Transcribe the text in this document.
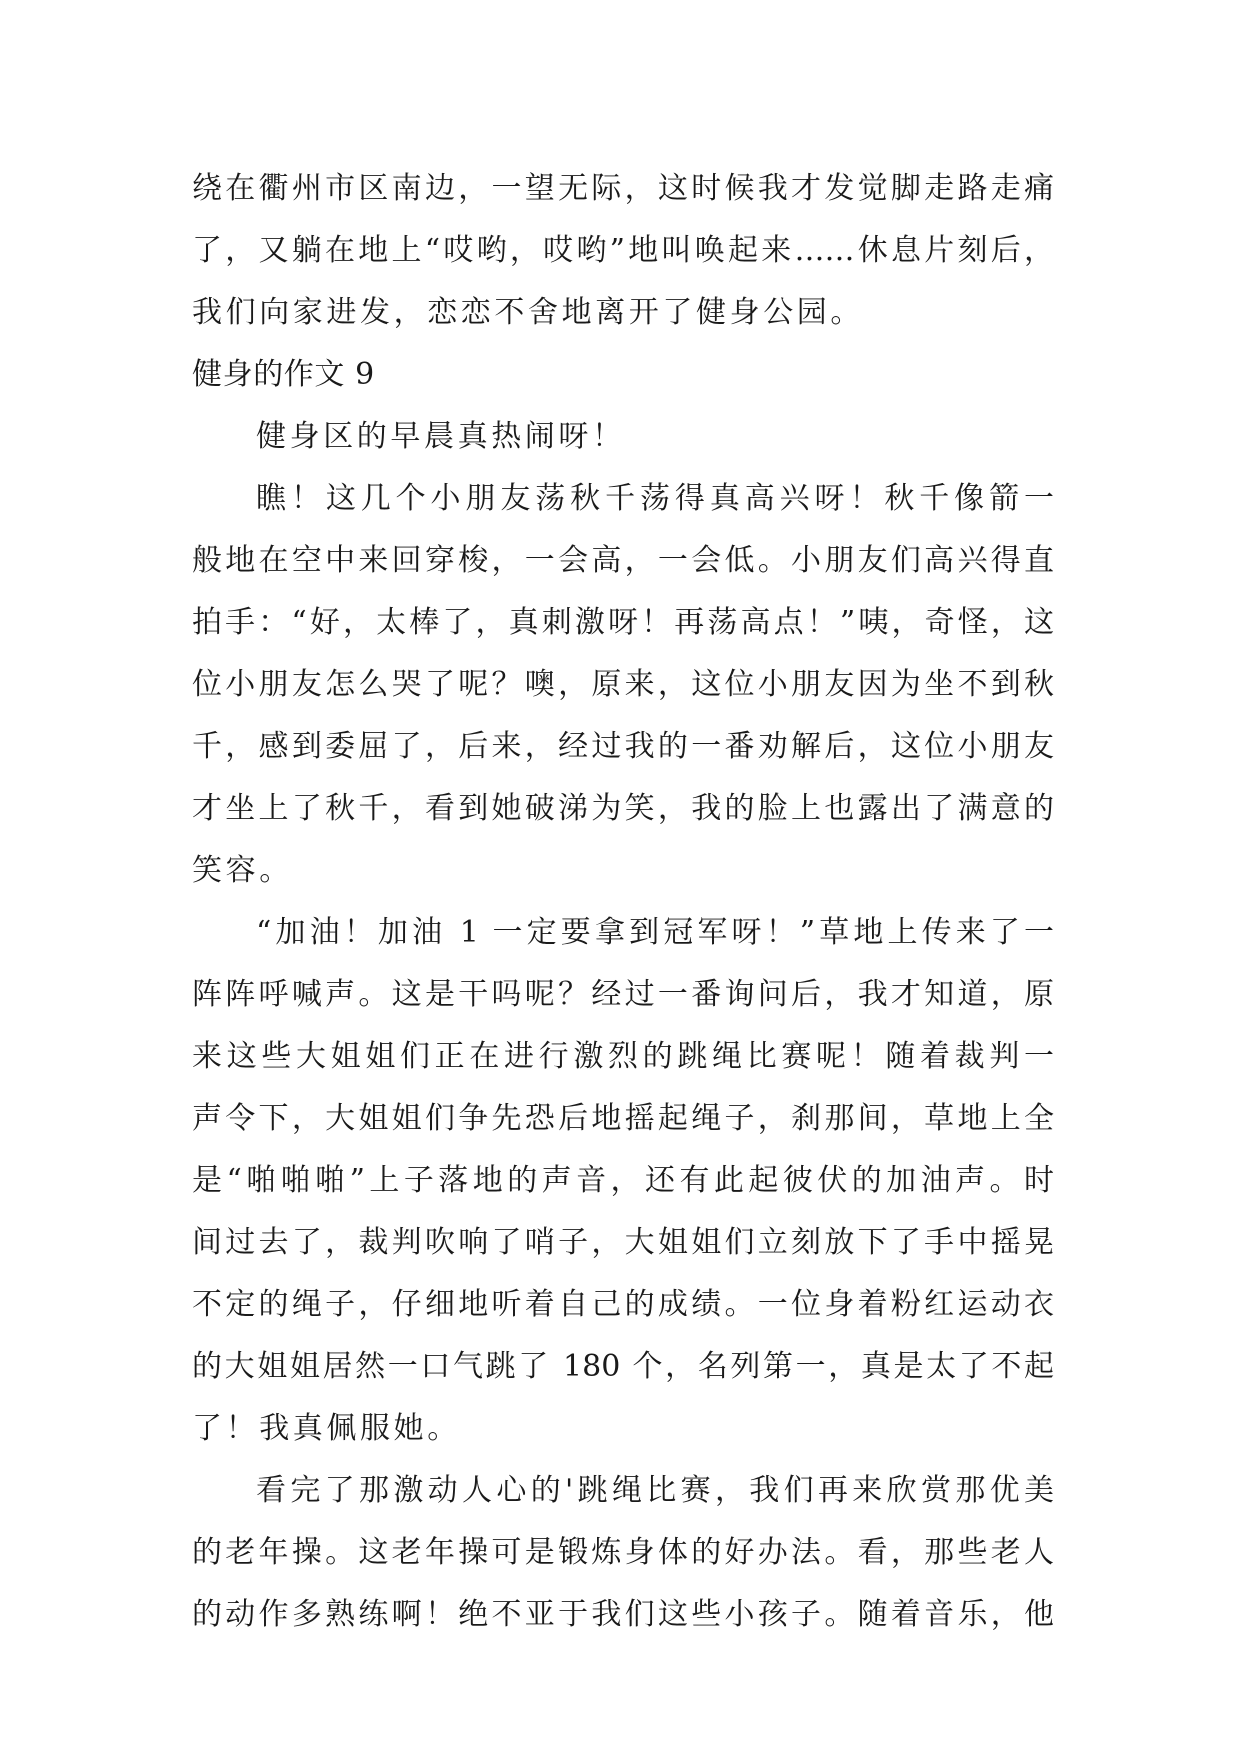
绕在衢州市区南边，一望无际，这时候我才发觉脚走路走痛
了，又躺在地上“哎哟，哎哟”地叫唤起来……休息片刻后，
我们向家进发，恋恋不舍地离开了健身公园。
健身的作文 9
健身区的早晨真热闹呀！
瞧！这几个小朋友荡秋千荡得真高兴呀！秋千像箭一
般地在空中来回穿梭，一会高，一会低。小朋友们高兴得直
拍手：“好，太棒了，真刺激呀！再荡高点！”咦，奇怪，这
位小朋友怎么哭了呢？噢，原来，这位小朋友因为坐不到秋
千，感到委屈了，后来，经过我的一番劝解后，这位小朋友
才坐上了秋千，看到她破涕为笑，我的脸上也露出了满意的
笑容。
“加油！加油 1 一定要拿到冠军呀！”草地上传来了一
阵阵呼喊声。这是干吗呢？经过一番询问后，我才知道，原
来这些大姐姐们正在进行激烈的跳绳比赛呢！随着裁判一
声令下，大姐姐们争先恐后地摇起绳子，刹那间，草地上全
是“啪啪啪”上子落地的声音，还有此起彼伏的加油声。时
间过去了，裁判吹响了哨子，大姐姐们立刻放下了手中摇晃
不定的绳子，仔细地听着自己的成绩。一位身着粉红运动衣
的大姐姐居然一口气跳了 180 个，名列第一，真是太了不起
了！我真佩服她。
看完了那激动人心的'跳绳比赛，我们再来欣赏那优美
的老年操。这老年操可是锻炼身体的好办法。看，那些老人
的动作多熟练啊！绝不亚于我们这些小孩子。随着音乐，他
